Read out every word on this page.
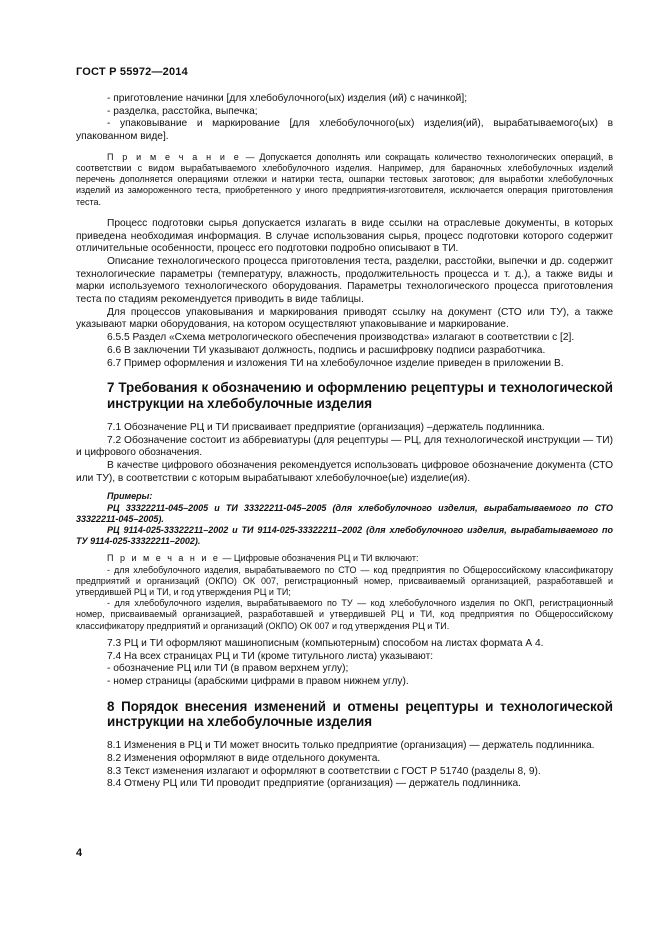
ГОСТ Р 55972—2014

- приготовление начинки [для хлебобулочного(ых) изделия (ий) с начинкой];

- разделка, расстойка, выпечка;

- упаковывание и маркирование [для хлебобулочного(ых) изделия(ий), вырабатываемого(ых) в упакованном виде].

П р и м е ч а н и е — Допускается дополнять или сокращать количество технологических операций, в соответствии с видом вырабатываемого хлебобулочного изделия. Например, для бараночных хлебобулочных изделий перечень дополняется операциями отлежки и натирки теста, ошпарки тестовых заготовок; для выработки хлебобулочных изделий из замороженного теста, приобретенного у иного предприятия-изготовителя, исключается операция приготовления теста.

Процесс подготовки сырья допускается излагать в виде ссылки на отраслевые документы, в которых приведена необходимая информация. В случае использования сырья, процесс подготовки которого содержит отличительные особенности, процесс его подготовки подробно описывают в ТИ.

Описание технологического процесса приготовления теста, разделки, расстойки, выпечки и др. содержит технологические параметры (температуру, влажность, продолжительность процесса и т. д.), а также виды и марки используемого технологического оборудования. Параметры технологического процесса приготовления теста по стадиям рекомендуется приводить в виде таблицы.

Для процессов упаковывания и маркирования приводят ссылку на документ (СТО или ТУ), а также указывают марки оборудования, на котором осуществляют упаковывание и маркирование.

6.5.5 Раздел «Схема метрологического обеспечения производства» излагают в соответствии с [2].

6.6 В заключении ТИ указывают должность, подпись и расшифровку подписи разработчика.

6.7 Пример оформления и изложения ТИ на хлебобулочное изделие приведен в приложении В.

7 Требования к обозначению и оформлению рецептуры и технологической инструкции на хлебобулочные изделия

7.1 Обозначение РЦ и ТИ присваивает предприятие (организация) –держатель подлинника.

7.2 Обозначение состоит из аббревиатуры (для рецептуры — РЦ, для технологической инструкции — ТИ) и цифрового обозначения.

В качестве цифрового обозначения рекомендуется использовать цифровое обозначение документа (СТО или ТУ), в соответствии с которым вырабатывают хлебобулочное(ые) изделие(ия).

Примеры:

РЦ 33322211-045–2005 и ТИ 33322211-045–2005 (для хлебобулочного изделия, вырабатываемого по СТО 33322211-045–2005).

РЦ 9114-025-33322211–2002 и ТИ 9114-025-33322211–2002 (для хлебобулочного изделия, вырабатываемого по ТУ 9114-025-33322211–2002).

П р и м е ч а н и е — Цифровые обозначения РЦ и ТИ включают:

- для хлебобулочного изделия, вырабатываемого по СТО — код предприятия по Общероссийскому классификатору предприятий и организаций (ОКПО) ОК 007, регистрационный номер, присваиваемый организацией, разработавшей и утвердившей РЦ и ТИ, и год утверждения РЦ и ТИ;

- для хлебобулочного изделия, вырабатываемого по ТУ — код хлебобулочного изделия по ОКП, регистрационный номер, присваиваемый организацией, разработавшей и утвердившей РЦ и ТИ, код предприятия по Общероссийскому классификатору предприятий и организаций (ОКПО) ОК 007 и год утверждения РЦ и ТИ.

7.3 РЦ и ТИ оформляют машинописным (компьютерным) способом на листах формата А 4.

7.4 На всех страницах РЦ и ТИ (кроме титульного листа) указывают:

- обозначение РЦ или ТИ (в правом верхнем углу);

- номер страницы (арабскими цифрами в правом нижнем углу).

8 Порядок внесения изменений и отмены рецептуры и технологической инструкции на хлебобулочные изделия

8.1 Изменения в РЦ и ТИ может вносить только предприятие (организация) — держатель подлинника.

8.2 Изменения оформляют в виде отдельного документа.

8.3 Текст изменения излагают и оформляют в соответствии с ГОСТ Р 51740 (разделы 8, 9).

8.4 Отмену РЦ или ТИ проводит предприятие (организация) — держатель подлинника.

4
